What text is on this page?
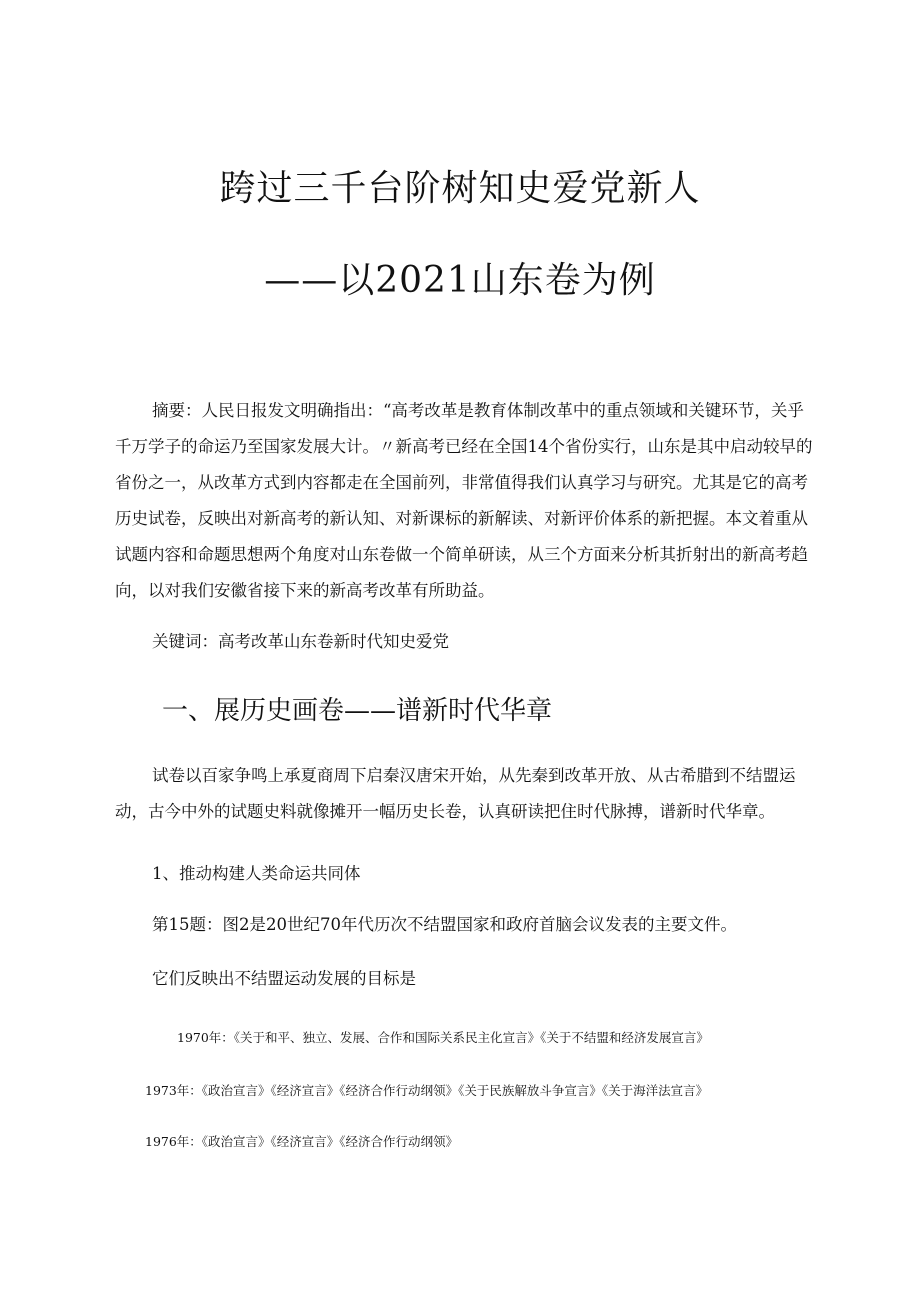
跨过三千台阶树知史爱党新人
——以2021山东卷为例

摘要：人民日报发文明确指出：“高考改革是教育体制改革中的重点领域和关键环节，关乎千万学子的命运乃至国家发展大计。〃新高考已经在全国14个省份实行，山东是其中启动较早的省份之一，从改革方式到内容都走在全国前列，非常值得我们认真学习与研究。尤其是它的高考历史试卷，反映出对新高考的新认知、对新课标的新解读、对新评价体系的新把握。本文着重从试题内容和命题思想两个角度对山东卷做一个简单研读，从三个方面来分析其折射出的新高考趋向，以对我们安徽省接下来的新高考改革有所助益。

关键词：高考改革山东卷新时代知史爱党
一、展历史画卷——谱新时代华章

试卷以百家争鸣上承夏商周下启秦汉唐宋开始，从先秦到改革开放、从古希腊到不结盟运动，古今中外的试题史料就像摊开一幅历史长卷，认真研读把住时代脉搏，谱新时代华章。

1、推动构建人类命运共同体
第15题：图2是20世纪70年代历次不结盟国家和政府首脑会议发表的主要文件。
它们反映出不结盟运动发展的目标是
1970年：《关于和平、独立、发展、合作和国际关系民主化宣言》《关于不结盟和经济发展宣言》
1973年：《政治宣言》《经济宣言》《经济合作行动纲领》《关于民族解放斗争宣言》《关于海洋法宣言》
1976年：《政治宣言》《经济宣言》《经济合作行动纲领》
